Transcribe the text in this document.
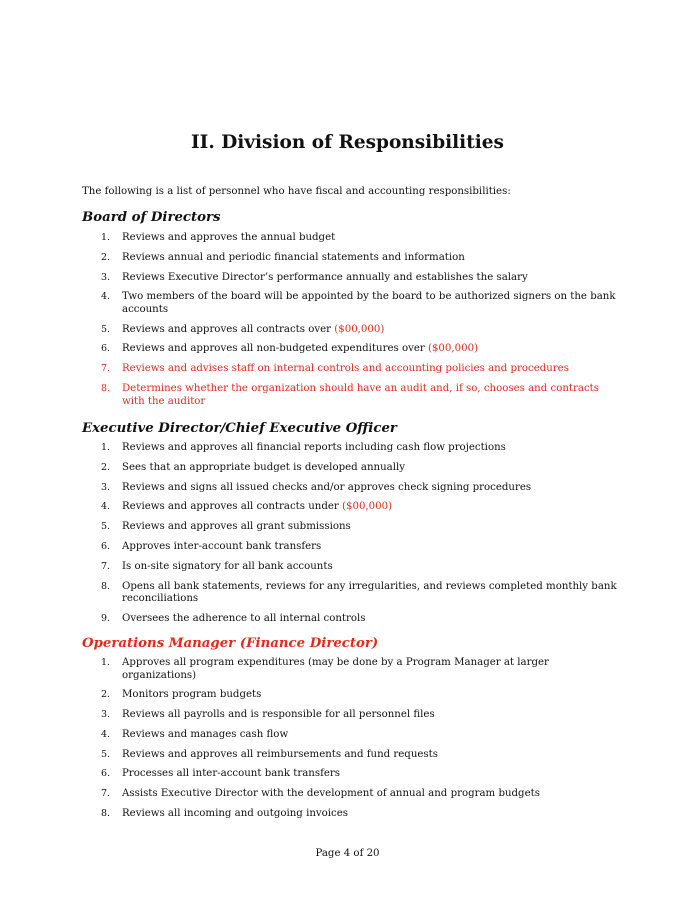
II. Division of Responsibilities
The following is a list of personnel who have fiscal and accounting responsibilities:
Board of Directors
1. Reviews and approves the annual budget
2. Reviews annual and periodic financial statements and information
3. Reviews Executive Director’s performance annually and establishes the salary
4. Two members of the board will be appointed by the board to be authorized signers on the bank accounts
5. Reviews and approves all contracts over ($00,000)
6. Reviews and approves all non-budgeted expenditures over ($00,000)
7. Reviews and advises staff on internal controls and accounting policies and procedures
8. Determines whether the organization should have an audit and, if so, chooses and contracts with the auditor
Executive Director/Chief Executive Officer
1. Reviews and approves all financial reports including cash flow projections
2. Sees that an appropriate budget is developed annually
3. Reviews and signs all issued checks and/or approves check signing procedures
4. Reviews and approves all contracts under ($00,000)
5. Reviews and approves all grant submissions
6. Approves inter-account bank transfers
7. Is on-site signatory for all bank accounts
8. Opens all bank statements, reviews for any irregularities, and reviews completed monthly bank reconciliations
9. Oversees the adherence to all internal controls
Operations Manager (Finance Director)
1. Approves all program expenditures (may be done by a Program Manager at larger organizations)
2. Monitors program budgets
3. Reviews all payrolls and is responsible for all personnel files
4. Reviews and manages cash flow
5. Reviews and approves all reimbursements and fund requests
6. Processes all inter-account bank transfers
7. Assists Executive Director with the development of annual and program budgets
8. Reviews all incoming and outgoing invoices
Page 4 of 20
